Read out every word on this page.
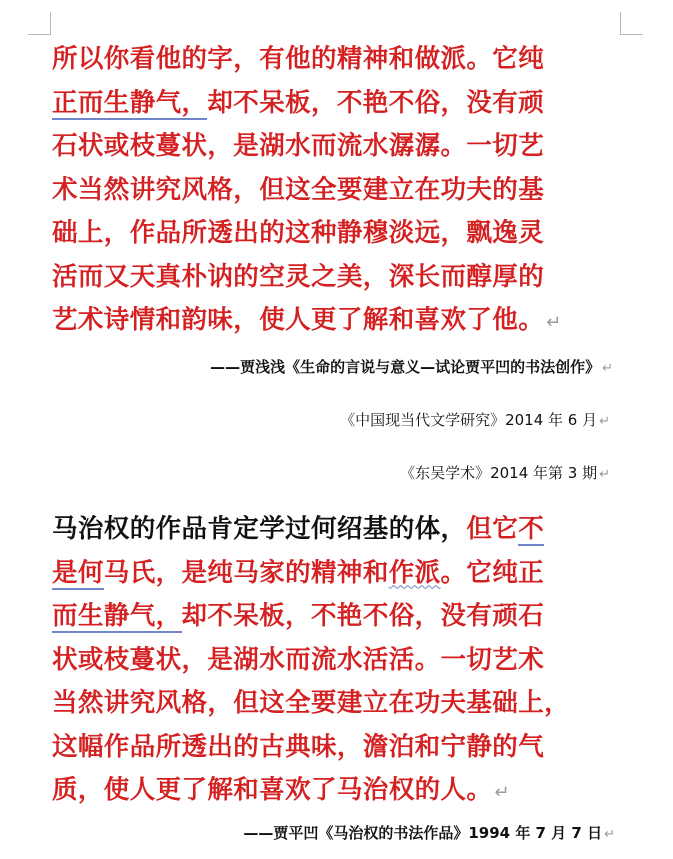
所以你看他的字，有他的精神和做派。它纯
正而生静气，却不呆板，不艳不俗，没有顽
石状或枝蔓状，是湖水而流水潺潺。一切艺
术当然讲究风格，但这全要建立在功夫的基
础上，作品所透出的这种静穆淡远，飘逸灵
活而又天真朴讷的空灵之美，深长而醇厚的
艺术诗情和韵味，使人更了解和喜欢了他。 ↵

——贾浅浅《生命的言说与意义—试论贾平凹的书法创作》 ↵

《中国现当代文学研究》2014 年 6 月 ↵

《东吴学术》2014 年第 3 期 ↵

马治权的作品肯定学过何绍基的体，但它不
是何马氏，是纯马家的精神和作派。它纯正
而生静气，却不呆板，不艳不俗，没有顽石
状或枝蔓状，是湖水而流水活活。一切艺术
当然讲究风格，但这全要建立在功夫基础上，
这幅作品所透出的古典味，澹泊和宁静的气
质，使人更了解和喜欢了马治权的人。 ↵

——贾平凹《马治权的书法作品》1994 年 7 月 7 日 ↵
